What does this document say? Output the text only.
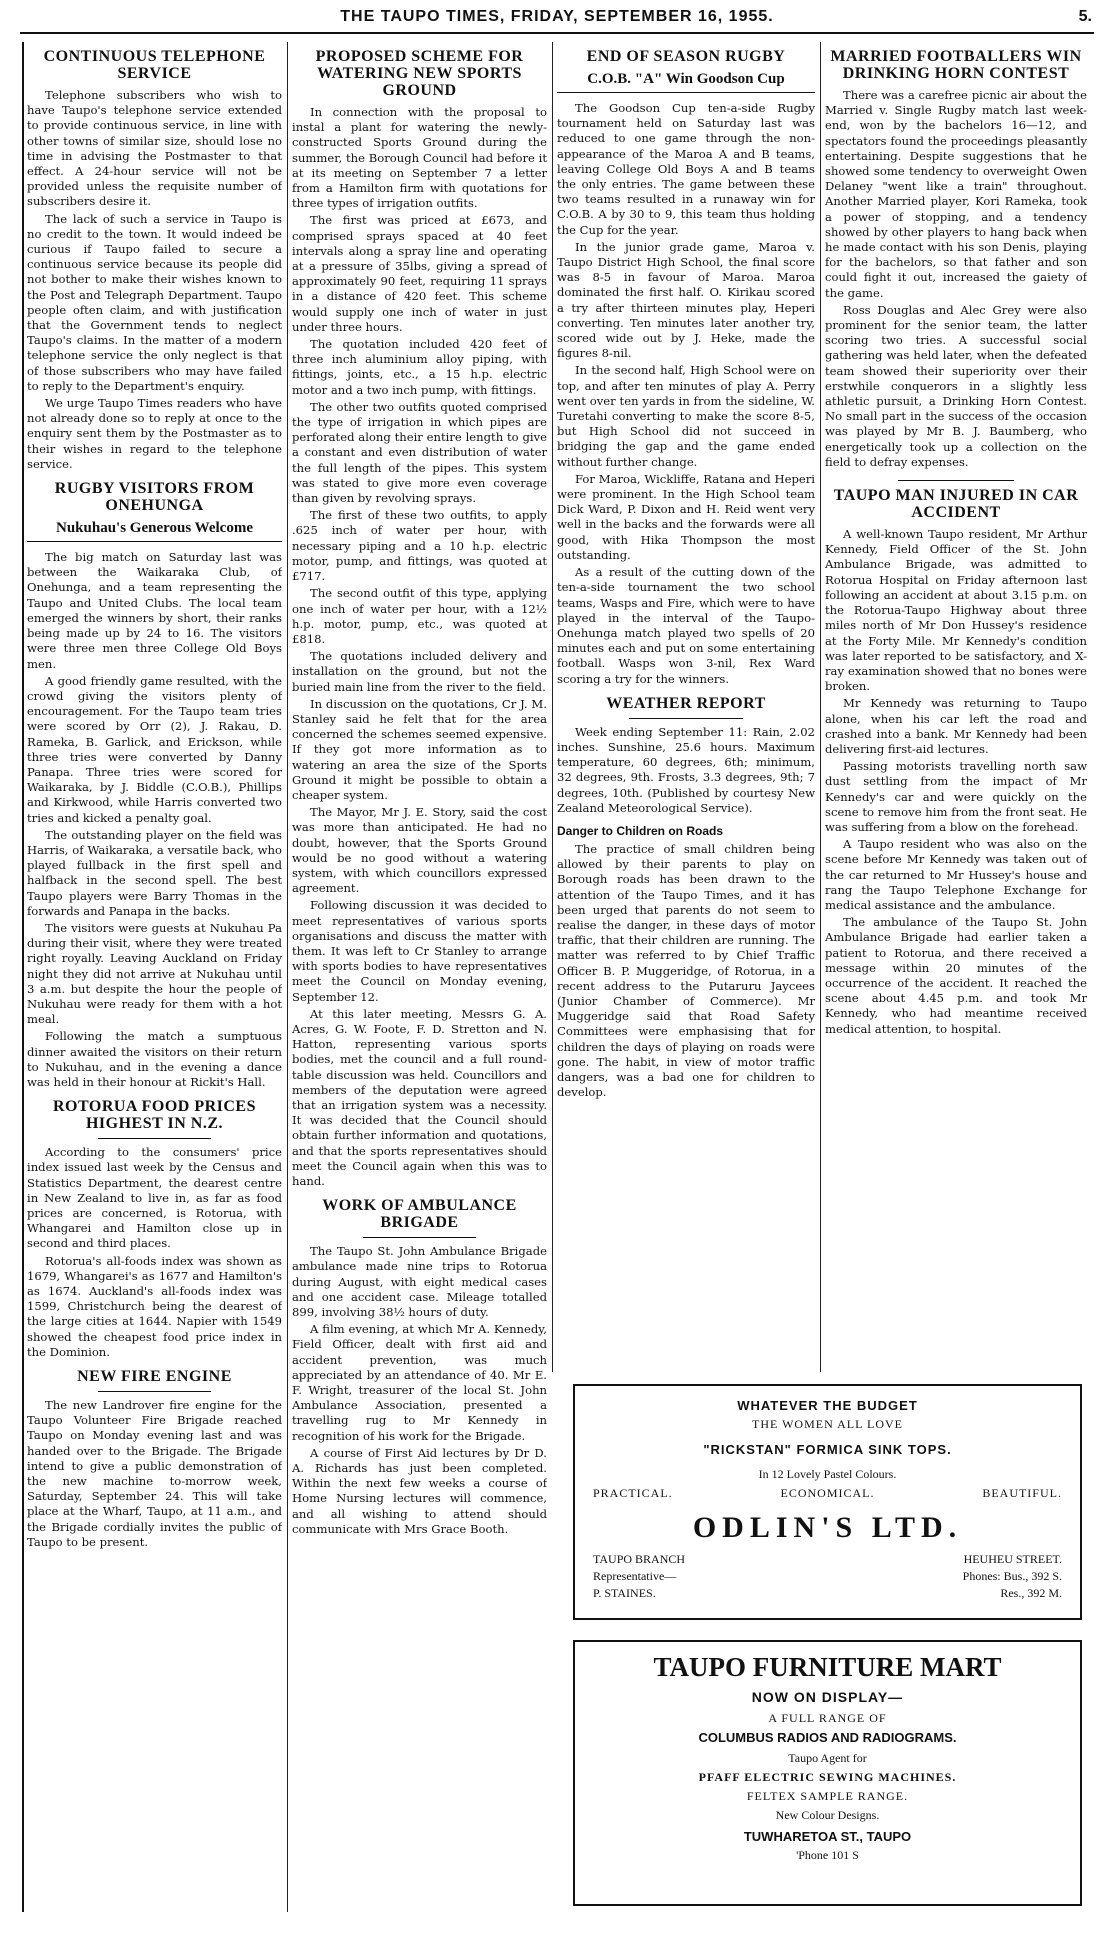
THE TAUPO TIMES, FRIDAY, SEPTEMBER 16, 1955.	5.
CONTINUOUS TELEPHONE SERVICE

Telephone subscribers who wish to have Taupo's telephone service extended to provide continuous service, in line with other towns of similar size, should lose no time in advising the Postmaster to that effect. A 24-hour service will not be provided unless the requisite number of subscribers desire it.

The lack of such a service in Taupo is no credit to the town. It would indeed be curious if Taupo failed to secure a continuous service because its people did not bother to make their wishes known to the Post and Telegraph Department. Taupo people often claim, and with justification that the Government tends to neglect Taupo's claims. In the matter of a modern telephone service the only neglect is that of those subscribers who may have failed to reply to the Department's enquiry.

We urge Taupo Times readers who have not already done so to reply at once to the enquiry sent them by the Postmaster as to their wishes in regard to the telephone service.

RUGBY VISITORS FROM ONEHUNGA
Nukuhau's Generous Welcome

The big match on Saturday last was between the Waikaraka Club, of Onehunga, and a team representing the Taupo and United Clubs. The local team emerged the winners by short, their ranks being made up by 24 to 16. The visitors were three men three College Old Boys men.

A good friendly game resulted, with the crowd giving the visitors plenty of encouragement. For the Taupo team tries were scored by Orr (2), J. Rakau, D. Rameka, B. Garlick, and Erickson, while three tries were converted by Danny Panapa. Three tries were scored for Waikaraka, by J. Biddle (C.O.B.), Phillips and Kirkwood, while Harris converted two tries and kicked a penalty goal.

The outstanding player on the field was Harris, of Waikaraka, a versatile back, who played fullback in the first spell and halfback in the second spell. The best Taupo players were Barry Thomas in the forwards and Panapa in the backs.

The visitors were guests at Nukuhau Pa during their visit, where they were treated right royally. Leaving Auckland on Friday night they did not arrive at Nukuhau until 3 a.m. but despite the hour the people of Nukuhau were ready for them with a hot meal.

Following the match a sumptuous dinner awaited the visitors on their return to Nukuhau, and in the evening a dance was held in their honour at Rickit's Hall.

ROTORUA FOOD PRICES HIGHEST IN N.Z.

According to the consumers' price index issued last week by the Census and Statistics Department, the dearest centre in New Zealand to live in, as far as food prices are concerned, is Rotorua, with Whangarei and Hamilton close up in second and third places.

Rotorua's all-foods index was shown as 1679, Whangarei's as 1677 and Hamilton's as 1674. Auckland's all-foods index was 1599, Christchurch being the dearest of the large cities at 1644. Napier with 1549 showed the cheapest food price index in the Dominion.

NEW FIRE ENGINE

The new Landrover fire engine for the Taupo Volunteer Fire Brigade reached Taupo on Monday evening last and was handed over to the Brigade. The Brigade intend to give a public demonstration of the new machine to-morrow week, Saturday, September 24. This will take place at the Wharf, Taupo, at 11 a.m., and the Brigade cordially invites the public of Taupo to be present.

PROPOSED SCHEME FOR WATERING NEW SPORTS GROUND

In connection with the proposal to instal a plant for watering the newly-constructed Sports Ground during the summer, the Borough Council had before it at its meeting on September 7 a letter from a Hamilton firm with quotations for three types of irrigation outfits.

The first was priced at £673, and comprised sprays spaced at 40 feet intervals along a spray line and operating at a pressure of 35lbs, giving a spread of approximately 90 feet, requiring 11 sprays in a distance of 420 feet. This scheme would supply one inch of water in just under three hours.

The quotation included 420 feet of three inch aluminium alloy piping, with fittings, joints, etc., a 15 h.p. electric motor and a two inch pump, with fittings.

The other two outfits quoted comprised the type of irrigation in which pipes are perforated along their entire length to give a constant and even distribution of water the full length of the pipes. This system was stated to give more even coverage than given by revolving sprays.

The first of these two outfits, to apply .625 inch of water per hour, with necessary piping and a 10 h.p. electric motor, pump, and fittings, was quoted at £717.

The second outfit of this type, applying one inch of water per hour, with a 12½ h.p. motor, pump, etc., was quoted at £818.

The quotations included delivery and installation on the ground, but not the buried main line from the river to the field.

In discussion on the quotations, Cr J. M. Stanley said he felt that for the area concerned the schemes seemed expensive. If they got more information as to watering an area the size of the Sports Ground it might be possible to obtain a cheaper system.

The Mayor, Mr J. E. Story, said the cost was more than anticipated. He had no doubt, however, that the Sports Ground would be no good without a watering system, with which councillors expressed agreement.

Following discussion it was decided to meet representatives of various sports organisations and discuss the matter with them. It was left to Cr Stanley to arrange with sports bodies to have representatives meet the Council on Monday evening, September 12.

At this later meeting, Messrs G. A. Acres, G. W. Foote, F. D. Stretton and N. Hatton, representing various sports bodies, met the council and a full round-table discussion was held. Councillors and members of the deputation were agreed that an irrigation system was a necessity. It was decided that the Council should obtain further information and quotations, and that the sports representatives should meet the Council again when this was to hand.

WORK OF AMBULANCE BRIGADE

The Taupo St. John Ambulance Brigade ambulance made nine trips to Rotorua during August, with eight medical cases and one accident case. Mileage totalled 899, involving 38½ hours of duty.

A film evening, at which Mr A. Kennedy, Field Officer, dealt with first aid and accident prevention, was much appreciated by an attendance of 40. Mr E. F. Wright, treasurer of the local St. John Ambulance Association, presented a travelling rug to Mr Kennedy in recognition of his work for the Brigade.

A course of First Aid lectures by Dr D. A. Richards has just been completed. Within the next few weeks a course of Home Nursing lectures will commence, and all wishing to attend should communicate with Mrs Grace Booth.

END OF SEASON RUGBY
C.O.B. "A" Win Goodson Cup

The Goodson Cup ten-a-side Rugby tournament held on Saturday last was reduced to one game through the non-appearance of the Maroa A and B teams, leaving College Old Boys A and B teams the only entries. The game between these two teams resulted in a runaway win for C.O.B. A by 30 to 9, this team thus holding the Cup for the year.

In the junior grade game, Maroa v. Taupo District High School, the final score was 8-5 in favour of Maroa. Maroa dominated the first half. O. Kirikau scored a try after thirteen minutes play, Heperi converting. Ten minutes later another try, scored wide out by J. Heke, made the figures 8-nil.

In the second half, High School were on top, and after ten minutes of play A. Perry went over ten yards in from the sideline, W. Turetahi converting to make the score 8-5, but High School did not succeed in bridging the gap and the game ended without further change.

For Maroa, Wickliffe, Ratana and Heperi were prominent. In the High School team Dick Ward, P. Dixon and H. Reid went very well in the backs and the forwards were all good, with Hika Thompson the most outstanding.

As a result of the cutting down of the ten-a-side tournament the two school teams, Wasps and Fire, which were to have played in the interval of the Taupo-Onehunga match played two spells of 20 minutes each and put on some entertaining football. Wasps won 3-nil, Rex Ward scoring a try for the winners.

WEATHER REPORT

Week ending September 11: Rain, 2.02 inches. Sunshine, 25.6 hours. Maximum temperature, 60 degrees, 6th; minimum, 32 degrees, 9th. Frosts, 3.3 degrees, 9th; 7 degrees, 10th. (Published by courtesy New Zealand Meteorological Service).

Danger to Children on Roads

The practice of small children being allowed by their parents to play on Borough roads has been drawn to the attention of the Taupo Times, and it has been urged that parents do not seem to realise the danger, in these days of motor traffic, that their children are running. The matter was referred to by Chief Traffic Officer B. P. Muggeridge, of Rotorua, in a recent address to the Putaruru Jaycees (Junior Chamber of Commerce). Mr Muggeridge said that Road Safety Committees were emphasising that for children the days of playing on roads were gone. The habit, in view of motor traffic dangers, was a bad one for children to develop.

MARRIED FOOTBALLERS WIN DRINKING HORN CONTEST

There was a carefree picnic air about the Married v. Single Rugby match last week-end, won by the bachelors 16—12, and spectators found the proceedings pleasantly entertaining. Despite suggestions that he showed some tendency to overweight Owen Delaney "went like a train" throughout. Another Married player, Kori Rameka, took a power of stopping, and a tendency showed by other players to hang back when he made contact with his son Denis, playing for the bachelors, so that father and son could fight it out, increased the gaiety of the game.

Ross Douglas and Alec Grey were also prominent for the senior team, the latter scoring two tries. A successful social gathering was held later, when the defeated team showed their superiority over their erstwhile conquerors in a slightly less athletic pursuit, a Drinking Horn Contest. No small part in the success of the occasion was played by Mr B. J. Baumberg, who energetically took up a collection on the field to defray expenses.

TAUPO MAN INJURED IN CAR ACCIDENT

A well-known Taupo resident, Mr Arthur Kennedy, Field Officer of the St. John Ambulance Brigade, was admitted to Rotorua Hospital on Friday afternoon last following an accident at about 3.15 p.m. on the Rotorua-Taupo Highway about three miles north of Mr Don Hussey's residence at the Forty Mile. Mr Kennedy's condition was later reported to be satisfactory, and X-ray examination showed that no bones were broken.

Mr Kennedy was returning to Taupo alone, when his car left the road and crashed into a bank. Mr Kennedy had been delivering first-aid lectures.

Passing motorists travelling north saw dust settling from the impact of Mr Kennedy's car and were quickly on the scene to remove him from the front seat. He was suffering from a blow on the forehead.

A Taupo resident who was also on the scene before Mr Kennedy was taken out of the car returned to Mr Hussey's house and rang the Taupo Telephone Exchange for medical assistance and the ambulance.

The ambulance of the Taupo St. John Ambulance Brigade had earlier taken a patient to Rotorua, and there received a message within 20 minutes of the occurrence of the accident. It reached the scene about 4.45 p.m. and took Mr Kennedy, who had meantime received medical attention, to hospital.

WHATEVER THE BUDGET
THE WOMEN ALL LOVE
"RICKSTAN" FORMICA SINK TOPS.
In 12 Lovely Pastel Colours.
PRACTICAL.	ECONOMICAL.	BEAUTIFUL.
ODLIN'S LTD.
TAUPO BRANCH
Representative—
P. STAINES.
HEUHEU STREET.
Phones: Bus., 392 S.
Res., 392 M.
TAUPO FURNITURE MART
NOW ON DISPLAY—
A FULL RANGE OF
COLUMBUS RADIOS AND RADIOGRAMS.
Taupo Agent for
PFAFF ELECTRIC SEWING MACHINES.
FELTEX SAMPLE RANGE.
New Colour Designs.
TUWHARETOA ST., TAUPO
'Phone 101 S
